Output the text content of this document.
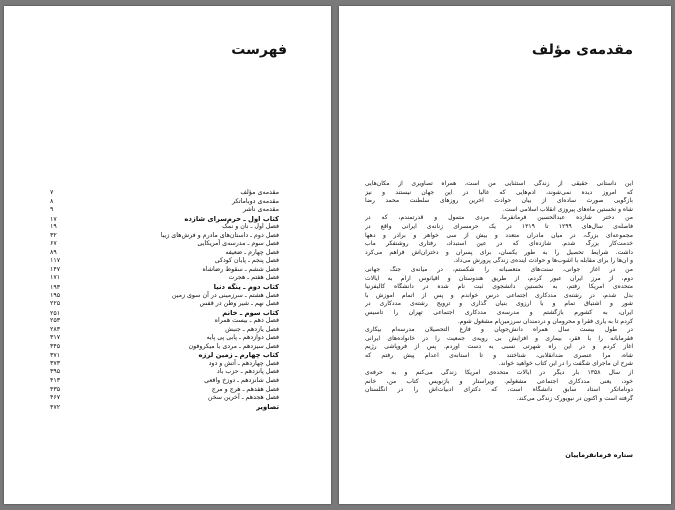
فهرست
مقدمه‌ی مؤلف
۷
مقدمه‌ی دوباماتکر
۸
مقدمه‌ی ناشر
۹
کتاب اول ـ حرم‌سرای شازده
۱۷
فصل اول ـ نان و نمک
۱۹
فصل دوم ـ داستان‌های مادرم و فرش‌های زیبا
۳۲
فصل سوم ـ مدرسه‌ی آمریکایی
۶۷
فصل چهارم ـ ضعیفه
۸۹
فصل پنجم ـ پایان کودکی
۱۱۷
فصل ششم ـ سقوط رضاشاه
۱۴۷
فصل هفتم ـ هجرت
۱۷۱
کتاب دوم ـ ینگه دنیا
۱۹۳
فصل هشتم ـ سرزمینی در آن سوی زمین
۱۹۵
فصل نهم ـ شیر وطن در قفس
۲۲۵
کتاب سوم ـ خانم
۲۵۱
فصل دهم ـ بیست همراه
۲۵۳
فصل یازدهم ـ جنبش
۲۸۳
فصل دوازدهم ـ پابی پی پایه
۳۱۷
فصل سیزدهم ـ مردی با میکروفون
۳۴۵
کتاب چهارم ـ زمین لرزه
۳۷۱
فصل چهاردهم ـ آتش و دود
۳۷۳
فصل پانزدهم ـ حزب باد
۳۹۵
فصل شانزدهم ـ دوزخ واقعی
۴۱۳
فصل هفدهم ـ هرج و مرج
۴۳۵
فصل هجدهم ـ آخرین سخن
۴۶۷
تصاویر
۴۷۲
مقدمه‌ی مؤلف

این داستانی حقیقی از زندگی استثنایی من است، همراه تصاویری از مکان‌هایی
که امروز دیده نمی‌شوند، آدم‌هایی که غالباً در این جهان نیستند و نیز
بازگویی صورت ساده‌ای از بیان حوادث آخرین روزهای سلطنت محمد رضا
شاه و نخستین ماه‌های پیروزی انقلاب اسلامی است.

من دختر شازده عبدالحسین فرمانفرما، مردی متمول و قدرتمندم، که در
فاصله‌ی سال‌های ۱۲۹۹ تا ۱۳۱۹ در یک حرمسرای زنانه‌ی ایرانی واقع در
مجموعه‌ای بزرگ، در میان مادران متعدد و بیش از سی خواهر و برادر و دهها
خدمت‌کار بزرگ شدم. شازده‌ای که در عین استبداد، رفتاری روشنفکر مآب
داشت. شرایط تحصیل را به طور یکسان، برای پسران و دختران‌اش فراهم می‌کرد
و آن‌ها را برای مقابله با آشوب‌ها و حوادث آینده‌ی زندگی پرورش می‌داد.

من در آغاز جوانی، سنت‌های متعصبانه را شکستم، در میانه‌ی جنگ جهانی
دوم، از مرز ایران عبور کردم، از طریق هندوستان و اقیانوس آرام به ایالات
متحده‌ی آمریکا رفتم، به نخستین دانشجوی ثبت نام شده در دانشگاه کالیفرنیا
بدل شدم، در رشته‌ی مددکاری اجتماعی درس خواندم و پس از اتمام آموزش با
شور و اشتیاق تمام و با آرزوی بنیان گذاری و ترویج رشته‌ی مددکاری در
ایران، به کشورم بازگشتم و مدرسه‌ی مددکاری اجتماعی تهران را تأسیس
کردم تا به یاری فقرا و محرومان و دردمندان سرزمین‌ام مشغول شوم.

در طول بیست سال همراه دانش‌جویان و فارغ التحصیلان مدرسه‌ام بیکاری
فقرمآبانه را با فقر، بیماری و افزایش بی رویه‌ی جمعیت را در خانواده‌های ایرانی
آغاز کردم و در این راه شهرتی نسبی به دست آوردم. پس از فروپاشی رژیم
شاه، مرا عنصری ضدانقلابی، شناختند و تا آستانه‌ی اعدام پیش رفتم که
شرح آن ماجرای شگفت را در این کتاب خواهید خواند.

از سال ۱۳۵۸ بار دیگر در ایالات متحده‌ی آمریکا زندگی می‌کنم و به حرفه‌ی
خود، یعنی مددکاری اجتماعی مشغولم. ویراستار و بازنویس کتاب من، خانم
دوناماتکر استاد سابق دانشگاه است، که دکترای ادبیات‌اش را در انگلستان
گرفته است و اکنون در نیویورک زندگی می‌کند.

ستاره فرمانفرماییان
